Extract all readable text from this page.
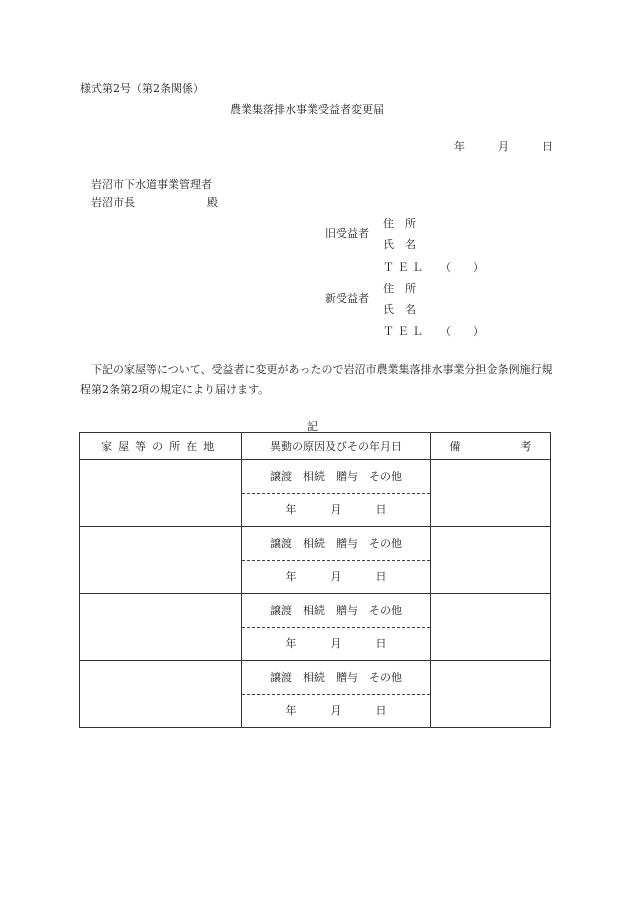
様式第2号（第2条関係）
農業集落排水事業受益者変更届
年	月	日
岩沼市下水道事業管理者
岩沼市長	殿
旧受益者
住　所
氏　名
Ｔ Ｅ Ｌ （　　）
新受益者
住　所
氏　名
Ｔ Ｅ Ｌ （　　）
下記の家屋等について、受益者に変更があったので岩沼市農業集落排水事業分担金条例施行規程第2条第2項の規定により届けます。
記
家屋等の所在地	異動の原因及びその年月日	備 考

	譲渡　相続　贈与　その他
年 月 日	

	譲渡　相続　贈与　その他
年 月 日	

	譲渡　相続　贈与　その他
年 月 日	

	譲渡　相続　贈与　その他
年 月 日	
